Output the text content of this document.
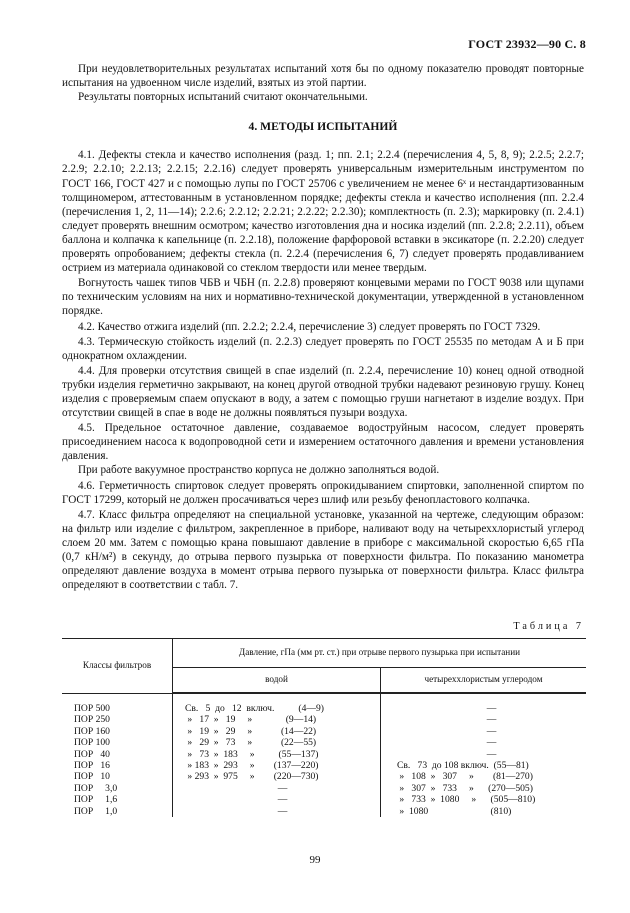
ГОСТ 23932—90 С. 8

При неудовлетворительных результатах испытаний хотя бы по одному показателю проводят повторные испытания на удвоенном числе изделий, взятых из этой партии.

Результаты повторных испытаний считают окончательными.

4. МЕТОДЫ ИСПЫТАНИЙ

4.1. Дефекты стекла и качество исполнения (разд. 1; пп. 2.1; 2.2.4 (перечисления 4, 5, 8, 9); 2.2.5; 2.2.7; 2.2.9; 2.2.10; 2.2.13; 2.2.15; 2.2.16) следует проверять универсальным измерительным инструментом по ГОСТ 166, ГОСТ 427 и с помощью лупы по ГОСТ 25706 с увеличением не менее 6ˣ и нестандартизованным толщиномером, аттестованным в установленном порядке; дефекты стекла и качество исполнения (пп. 2.2.4 (перечисления 1, 2, 11—14); 2.2.6; 2.2.12; 2.2.21; 2.2.22; 2.2.30); комплектность (п. 2.3); маркировку (п. 2.4.1) следует проверять внешним осмотром; качество изготовления дна и носика изделий (пп. 2.2.8; 2.2.11), объем баллона и колпачка к капельнице (п. 2.2.18), положение фарфоровой вставки в эксикаторе (п. 2.2.20) следует проверять опробованием; дефекты стекла (п. 2.2.4 (перечисления 6, 7) следует проверять продавливанием острием из материала одинаковой со стеклом твердости или менее твердым.

Вогнутость чашек типов ЧБВ и ЧБН (п. 2.2.8) проверяют концевыми мерами по ГОСТ 9038 или щупами по техническим условиям на них и нормативно-технической документации, утвержденной в установленном порядке.

4.2. Качество отжига изделий (пп. 2.2.2; 2.2.4, перечисление 3) следует проверять по ГОСТ 7329.

4.3. Термическую стойкость изделий (п. 2.2.3) следует проверять по ГОСТ 25535 по методам А и Б при однократном охлаждении.

4.4. Для проверки отсутствия свищей в спае изделий (п. 2.2.4, перечисление 10) конец одной отводной трубки изделия герметично закрывают, на конец другой отводной трубки надевают резиновую грушу. Конец изделия с проверяемым спаем опускают в воду, а затем с помощью груши нагнетают в изделие воздух. При отсутствии свищей в спае в воде не должны появляться пузыри воздуха.

4.5. Предельное остаточное давление, создаваемое водоструйным насосом, следует проверять присоединением насоса к водопроводной сети и измерением остаточного давления и времени установления давления.

При работе вакуумное пространство корпуса не должно заполняться водой.

4.6. Герметичность спиртовок следует проверять опрокидыванием спиртовки, заполненной спиртом по ГОСТ 17299, который не должен просачиваться через шлиф или резьбу фенопластового колпачка.

4.7. Класс фильтра определяют на специальной установке, указанной на чертеже, следующим образом: на фильтр или изделие с фильтром, закрепленное в приборе, наливают воду на четыреххлористый углерод слоем 20 мм. Затем с помощью крана повышают давление в приборе с максимальной скоростью 6,65 гПа (0,7 кН/м²) в секунду, до отрыва первого пузырька от поверхности фильтра. По показанию манометра определяют давление воздуха в момент отрыва первого пузырька от поверхности фильтра. Класс фильтра определяют в соответствии с табл. 7.

Таблица 7
Классы фильтров	Давление, гПа (мм рт. ст.) при отрыве первого пузырька при испытании	
	водой	четыреххлористым углеродом

ПОР 500	Св.   5  до   12  включ.          (4—9)	—
ПОР 250	»   17  »   19     »              (9—14)	—
ПОР 160	»   19  »   29     »            (14—22)	—
ПОР 100	»   29  »   73     »            (22—55)	—
ПОР   40	»   73  »  183     »          (55—137)	—
ПОР   16	» 183  »  293     »        (137—220)	Св.   73  до 108 включ.  (55—81)
ПОР   10	» 293  »  975     »        (220—730)	»   108  »   307     »        (81—270)
ПОР     3,0	—	»   307  »   733     »      (270—505)
ПОР     1,6	—	»   733  »  1080     »      (505—810)
ПОР     1,0	—	»  1080                          (810)
99
